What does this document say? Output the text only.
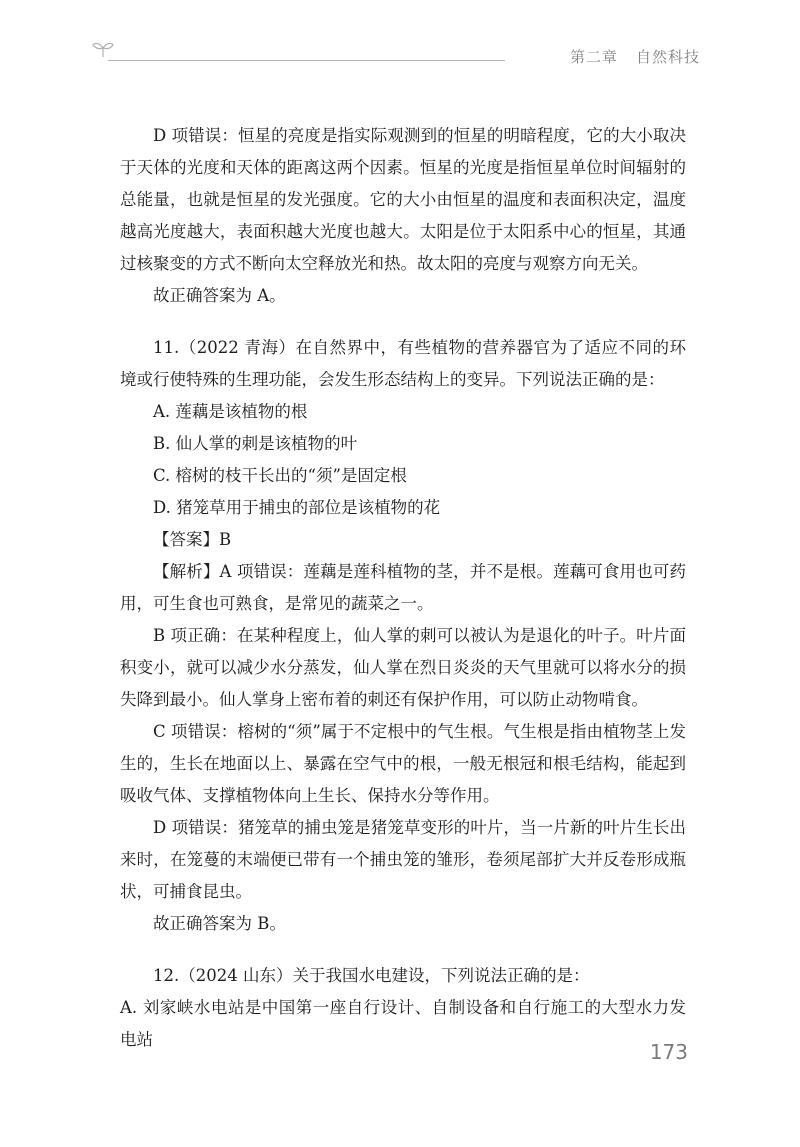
第二章 自然科技

D 项错误：恒星的亮度是指实际观测到的恒星的明暗程度，它的大小取决于天体的光度和天体的距离这两个因素。恒星的光度是指恒星单位时间辐射的总能量，也就是恒星的发光强度。它的大小由恒星的温度和表面积决定，温度越高光度越大，表面积越大光度也越大。太阳是位于太阳系中心的恒星，其通过核聚变的方式不断向太空释放光和热。故太阳的亮度与观察方向无关。

故正确答案为 A。

11.（2022 青海）在自然界中，有些植物的营养器官为了适应不同的环境或行使特殊的生理功能，会发生形态结构上的变异。下列说法正确的是：

A. 莲藕是该植物的根

B. 仙人掌的刺是该植物的叶

C. 榕树的枝干长出的“须”是固定根

D. 猪笼草用于捕虫的部位是该植物的花

【答案】B

【解析】A 项错误：莲藕是莲科植物的茎，并不是根。莲藕可食用也可药用，可生食也可熟食，是常见的蔬菜之一。

B 项正确：在某种程度上，仙人掌的刺可以被认为是退化的叶子。叶片面积变小，就可以减少水分蒸发，仙人掌在烈日炎炎的天气里就可以将水分的损失降到最小。仙人掌身上密布着的刺还有保护作用，可以防止动物啃食。

C 项错误：榕树的“须”属于不定根中的气生根。气生根是指由植物茎上发生的，生长在地面以上、暴露在空气中的根，一般无根冠和根毛结构，能起到吸收气体、支撑植物体向上生长、保持水分等作用。

D 项错误：猪笼草的捕虫笼是猪笼草变形的叶片，当一片新的叶片生长出来时，在笼蔓的末端便已带有一个捕虫笼的雏形，卷须尾部扩大并反卷形成瓶状，可捕食昆虫。

故正确答案为 B。

12.（2024 山东）关于我国水电建设，下列说法正确的是：

A. 刘家峡水电站是中国第一座自行设计、自制设备和自行施工的大型水力发电站

173
